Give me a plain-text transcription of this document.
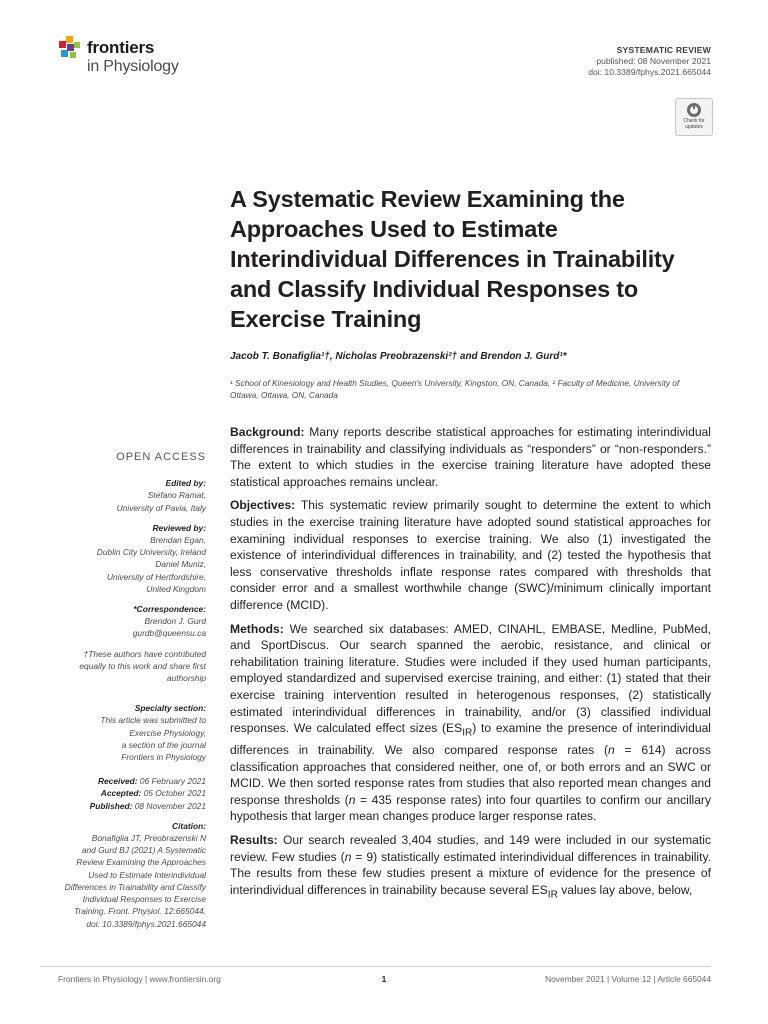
frontiers
in Physiology
SYSTEMATIC REVIEW
published: 08 November 2021
doi: 10.3389/fphys.2021.665044
Check for updates
A Systematic Review Examining the Approaches Used to Estimate Interindividual Differences in Trainability and Classify Individual Responses to Exercise Training
Jacob T. Bonafiglia¹†, Nicholas Preobrazenski²† and Brendon J. Gurd¹*
¹ School of Kinesiology and Health Studies, Queen's University, Kingston, ON, Canada, ² Faculty of Medicine, University of Ottawa, Ottawa, ON, Canada
OPEN ACCESS
Edited by:
Stefano Ramat,
University of Pavia, Italy
Reviewed by:
Brendan Egan,
Dublin City University, Ireland
Daniel Muniz,
University of Hertfordshire,
United Kingdom
*Correspondence:
Brendon J. Gurd
gurdb@queensu.ca
†These authors have contributed
equally to this work and share first
authorship
Specialty section:
This article was submitted to
Exercise Physiology,
a section of the journal
Frontiers in Physiology
Received: 06 February 2021
Accepted: 05 October 2021
Published: 08 November 2021
Citation:
Bonafiglia JT, Preobrazenski N
and Gurd BJ (2021) A Systematic
Review Examining the Approaches
Used to Estimate Interindividual
Differences in Trainability and Classify
Individual Responses to Exercise
Training. Front. Physiol. 12:665044.
doi: 10.3389/fphys.2021.665044

Background: Many reports describe statistical approaches for estimating interindividual differences in trainability and classifying individuals as “responders” or “non-responders.” The extent to which studies in the exercise training literature have adopted these statistical approaches remains unclear.

Objectives: This systematic review primarily sought to determine the extent to which studies in the exercise training literature have adopted sound statistical approaches for examining individual responses to exercise training. We also (1) investigated the existence of interindividual differences in trainability, and (2) tested the hypothesis that less conservative thresholds inflate response rates compared with thresholds that consider error and a smallest worthwhile change (SWC)/minimum clinically important difference (MCID).

Methods: We searched six databases: AMED, CINAHL, EMBASE, Medline, PubMed, and SportDiscus. Our search spanned the aerobic, resistance, and clinical or rehabilitation training literature. Studies were included if they used human participants, employed standardized and supervised exercise training, and either: (1) stated that their exercise training intervention resulted in heterogenous responses, (2) statistically estimated interindividual differences in trainability, and/or (3) classified individual responses. We calculated effect sizes $(ES_{IR})$ to examine the presence of interindividual differences in trainability. We also compared response rates (n = 614) across classification approaches that considered neither, one of, or both errors and an SWC or MCID. We then sorted response rates from studies that also reported mean changes and response thresholds (n = 435 response rates) into four quartiles to confirm our ancillary hypothesis that larger mean changes produce larger response rates.

Results: Our search revealed 3,404 studies, and 149 were included in our systematic review. Few studies (n = 9) statistically estimated interindividual differences in trainability. The results from these few studies present a mixture of evidence for the presence of interindividual differences in trainability because several $ES_{IR}$ values lay above, below,

Frontiers in Physiology | www.frontiersin.org	1	November 2021 | Volume 12 | Article 665044
